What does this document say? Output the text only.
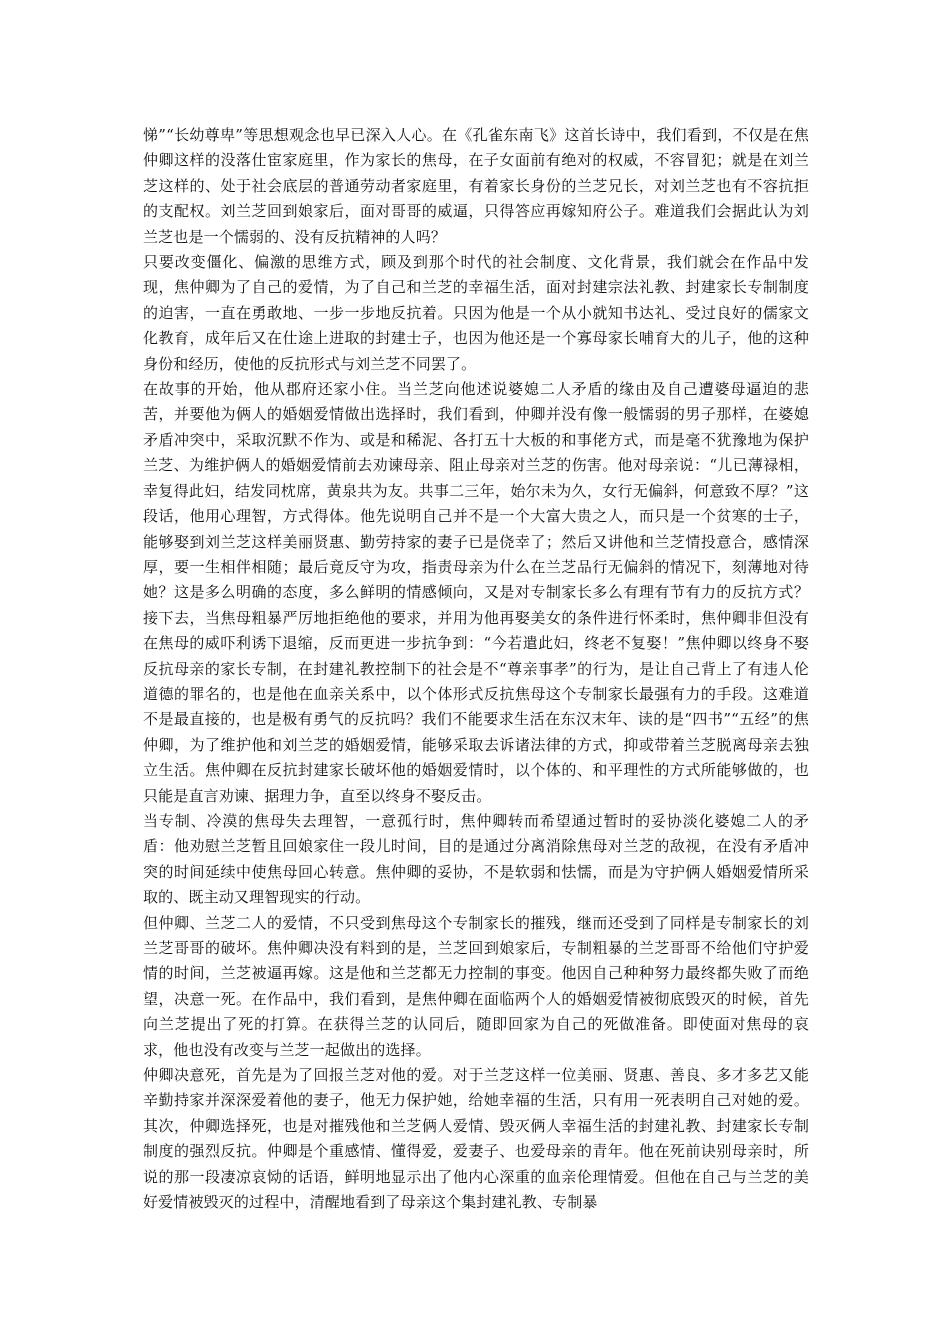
悌”“长幼尊卑”等思想观念也早已深入人心。在《孔雀东南飞》这首长诗中，我们看到，不仅是在焦仲卿这样的没落仕宦家庭里，作为家长的焦母，在子女面前有绝对的权威，不容冒犯；就是在刘兰芝这样的、处于社会底层的普通劳动者家庭里，有着家长身份的兰芝兄长，对刘兰芝也有不容抗拒的支配权。刘兰芝回到娘家后，面对哥哥的威逼，只得答应再嫁知府公子。难道我们会据此认为刘兰芝也是一个懦弱的、没有反抗精神的人吗？

只要改变僵化、偏激的思维方式，顾及到那个时代的社会制度、文化背景，我们就会在作品中发现，焦仲卿为了自己的爱情，为了自己和兰芝的幸福生活，面对封建宗法礼教、封建家长专制制度的迫害，一直在勇敢地、一步一步地反抗着。只因为他是一个从小就知书达礼、受过良好的儒家文化教育，成年后又在仕途上进取的封建士子，也因为他还是一个寡母家长哺育大的儿子，他的这种身份和经历，使他的反抗形式与刘兰芝不同罢了。

在故事的开始，他从郡府还家小住。当兰芝向他述说婆媳二人矛盾的缘由及自己遭婆母逼迫的悲苦，并要他为俩人的婚姻爱情做出选择时，我们看到，仲卿并没有像一般懦弱的男子那样，在婆媳矛盾冲突中，采取沉默不作为、或是和稀泥、各打五十大板的和事佬方式，而是毫不犹豫地为保护兰芝、为维护俩人的婚姻爱情前去劝谏母亲、阻止母亲对兰芝的伤害。他对母亲说：“儿已薄禄相，幸复得此妇，结发同枕席，黄泉共为友。共事二三年，始尔未为久，女行无偏斜，何意致不厚？”这段话，他用心理智，方式得体。他先说明自己并不是一个大富大贵之人，而只是一个贫寒的士子，能够娶到刘兰芝这样美丽贤惠、勤劳持家的妻子已是侥幸了；然后又讲他和兰芝情投意合，感情深厚，要一生相伴相随；最后竟反守为攻，指责母亲为什么在兰芝品行无偏斜的情况下，刻薄地对待她？这是多么明确的态度，多么鲜明的情感倾向，又是对专制家长多么有理有节有力的反抗方式？接下去，当焦母粗暴严厉地拒绝他的要求，并用为他再娶美女的条件进行怀柔时，焦仲卿非但没有在焦母的威吓利诱下退缩，反而更进一步抗争到：“今若遣此妇，终老不复娶！”焦仲卿以终身不娶反抗母亲的家长专制，在封建礼教控制下的社会是不“尊亲事孝”的行为，是让自己背上了有违人伦道德的罪名的，也是他在血亲关系中，以个体形式反抗焦母这个专制家长最强有力的手段。这难道不是最直接的，也是极有勇气的反抗吗？我们不能要求生活在东汉末年、读的是“四书”“五经”的焦仲卿，为了维护他和刘兰芝的婚姻爱情，能够采取去诉诸法律的方式，抑或带着兰芝脱离母亲去独立生活。焦仲卿在反抗封建家长破坏他的婚姻爱情时，以个体的、和平理性的方式所能够做的，也只能是直言劝谏、据理力争，直至以终身不娶反击。

当专制、冷漠的焦母失去理智，一意孤行时，焦仲卿转而希望通过暂时的妥协淡化婆媳二人的矛盾：他劝慰兰芝暂且回娘家住一段儿时间，目的是通过分离消除焦母对兰芝的敌视，在没有矛盾冲突的时间延续中使焦母回心转意。焦仲卿的妥协，不是软弱和怯懦，而是为守护俩人婚姻爱情所采取的、既主动又理智现实的行动。

但仲卿、兰芝二人的爱情，不只受到焦母这个专制家长的摧残，继而还受到了同样是专制家长的刘兰芝哥哥的破坏。焦仲卿决没有料到的是，兰芝回到娘家后，专制粗暴的兰芝哥哥不给他们守护爱情的时间，兰芝被逼再嫁。这是他和兰芝都无力控制的事变。他因自己种种努力最终都失败了而绝望，决意一死。在作品中，我们看到，是焦仲卿在面临两个人的婚姻爱情被彻底毁灭的时候，首先向兰芝提出了死的打算。在获得兰芝的认同后，随即回家为自己的死做准备。即使面对焦母的哀求，他也没有改变与兰芝一起做出的选择。

仲卿决意死，首先是为了回报兰芝对他的爱。对于兰芝这样一位美丽、贤惠、善良、多才多艺又能辛勤持家并深深爱着他的妻子，他无力保护她，给她幸福的生活，只有用一死表明自己对她的爱。其次，仲卿选择死，也是对摧残他和兰芝俩人爱情、毁灭俩人幸福生活的封建礼教、封建家长专制制度的强烈反抗。仲卿是个重感情、懂得爱，爱妻子、也爱母亲的青年。他在死前诀别母亲时，所说的那一段凄凉哀恸的话语，鲜明地显示出了他内心深重的血亲伦理情爱。但他在自己与兰芝的美好爱情被毁灭的过程中，清醒地看到了母亲这个集封建礼教、专制暴
